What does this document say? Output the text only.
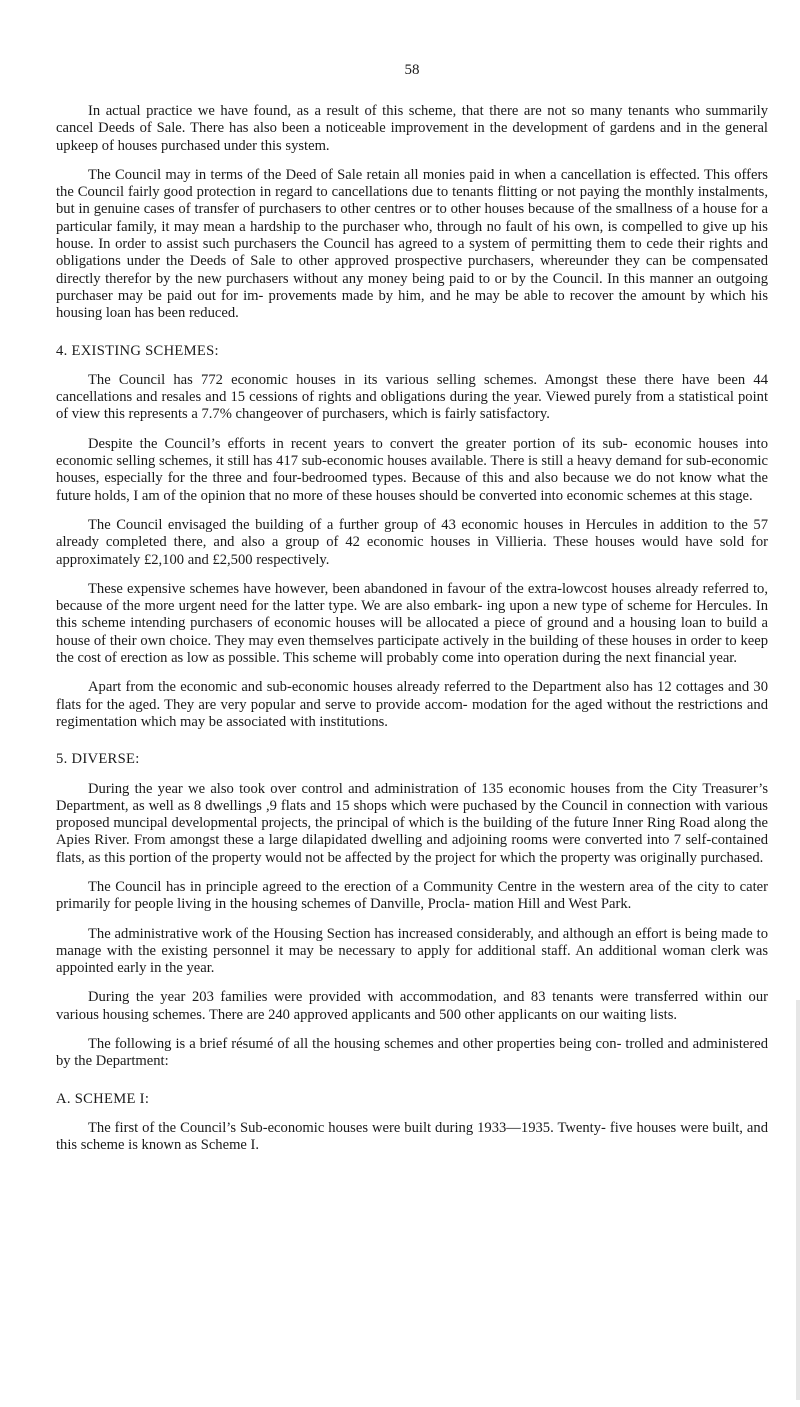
58

In actual practice we have found, as a result of this scheme, that there are not so many tenants who summarily cancel Deeds of Sale. There has also been a noticeable improvement in the development of gardens and in the general upkeep of houses purchased under this system.

The Council may in terms of the Deed of Sale retain all monies paid in when a cancellation is effected. This offers the Council fairly good protection in regard to cancellations due to tenants flitting or not paying the monthly instalments, but in genuine cases of transfer of purchasers to other centres or to other houses because of the smallness of a house for a particular family, it may mean a hardship to the purchaser who, through no fault of his own, is compelled to give up his house. In order to assist such purchasers the Council has agreed to a system of permitting them to cede their rights and obligations under the Deeds of Sale to other approved prospective purchasers, whereunder they can be compensated directly therefor by the new purchasers without any money being paid to or by the Council. In this manner an outgoing purchaser may be paid out for im- provements made by him, and he may be able to recover the amount by which his housing loan has been reduced.

4. EXISTING SCHEMES:

The Council has 772 economic houses in its various selling schemes. Amongst these there have been 44 cancellations and resales and 15 cessions of rights and obligations during the year. Viewed purely from a statistical point of view this represents a 7.7% changeover of purchasers, which is fairly satisfactory.

Despite the Council’s efforts in recent years to convert the greater portion of its sub- economic houses into economic selling schemes, it still has 417 sub-economic houses available. There is still a heavy demand for sub-economic houses, especially for the three and four-bedroomed types. Because of this and also because we do not know what the future holds, I am of the opinion that no more of these houses should be converted into economic schemes at this stage.

The Council envisaged the building of a further group of 43 economic houses in Hercules in addition to the 57 already completed there, and also a group of 42 economic houses in Villieria. These houses would have sold for approximately £2,100 and £2,500 respectively.

These expensive schemes have however, been abandoned in favour of the extra-lowcost houses already referred to, because of the more urgent need for the latter type. We are also embark- ing upon a new type of scheme for Hercules. In this scheme intending purchasers of economic houses will be allocated a piece of ground and a housing loan to build a house of their own choice. They may even themselves participate actively in the building of these houses in order to keep the cost of erection as low as possible. This scheme will probably come into operation during the next financial year.

Apart from the economic and sub-economic houses already referred to the Department also has 12 cottages and 30 flats for the aged. They are very popular and serve to provide accom- modation for the aged without the restrictions and regimentation which may be associated with institutions.

5. DIVERSE:

During the year we also took over control and administration of 135 economic houses from the City Treasurer’s Department, as well as 8 dwellings ,9 flats and 15 shops which were puchased by the Council in connection with various proposed muncipal developmental projects, the principal of which is the building of the future Inner Ring Road along the Apies River. From amongst these a large dilapidated dwelling and adjoining rooms were converted into 7 self-contained flats, as this portion of the property would not be affected by the project for which the property was originally purchased.

The Council has in principle agreed to the erection of a Community Centre in the western area of the city to cater primarily for people living in the housing schemes of Danville, Procla- mation Hill and West Park.

The administrative work of the Housing Section has increased considerably, and although an effort is being made to manage with the existing personnel it may be necessary to apply for additional staff. An additional woman clerk was appointed early in the year.

During the year 203 families were provided with accommodation, and 83 tenants were transferred within our various housing schemes. There are 240 approved applicants and 500 other applicants on our waiting lists.

The following is a brief résumé of all the housing schemes and other properties being con- trolled and administered by the Department:

A. SCHEME I:

The first of the Council’s Sub-economic houses were built during 1933—1935. Twenty- five houses were built, and this scheme is known as Scheme I.
